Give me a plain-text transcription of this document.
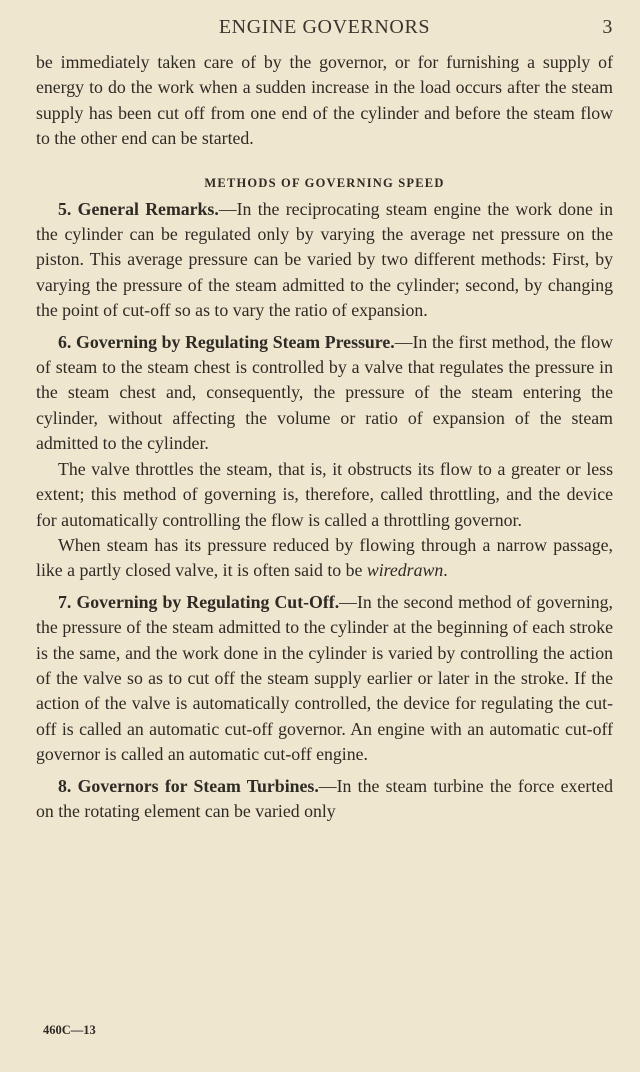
ENGINE GOVERNORS	3

be immediately taken care of by the governor, or for furnishing a supply of energy to do the work when a sudden increase in the load occurs after the steam supply has been cut off from one end of the cylinder and before the steam flow to the other end can be started.

METHODS OF GOVERNING SPEED

5. General Remarks.—In the reciprocating steam engine the work done in the cylinder can be regulated only by varying the average net pressure on the piston. This average pressure can be varied by two different methods: First, by varying the pressure of the steam admitted to the cylinder; second, by changing the point of cut-off so as to vary the ratio of expansion.

6. Governing by Regulating Steam Pressure.—In the first method, the flow of steam to the steam chest is controlled by a valve that regulates the pressure in the steam chest and, consequently, the pressure of the steam entering the cylinder, without affecting the volume or ratio of expansion of the steam admitted to the cylinder.

The valve throttles the steam, that is, it obstructs its flow to a greater or less extent; this method of governing is, therefore, called throttling, and the device for automatically controlling the flow is called a throttling governor.

When steam has its pressure reduced by flowing through a narrow passage, like a partly closed valve, it is often said to be wiredrawn.

7. Governing by Regulating Cut-Off.—In the second method of governing, the pressure of the steam admitted to the cylinder at the beginning of each stroke is the same, and the work done in the cylinder is varied by controlling the action of the valve so as to cut off the steam supply earlier or later in the stroke. If the action of the valve is automatically controlled, the device for regulating the cut-off is called an automatic cut-off governor. An engine with an automatic cut-off governor is called an automatic cut-off engine.

8. Governors for Steam Turbines.—In the steam turbine the force exerted on the rotating element can be varied only

460C—13
